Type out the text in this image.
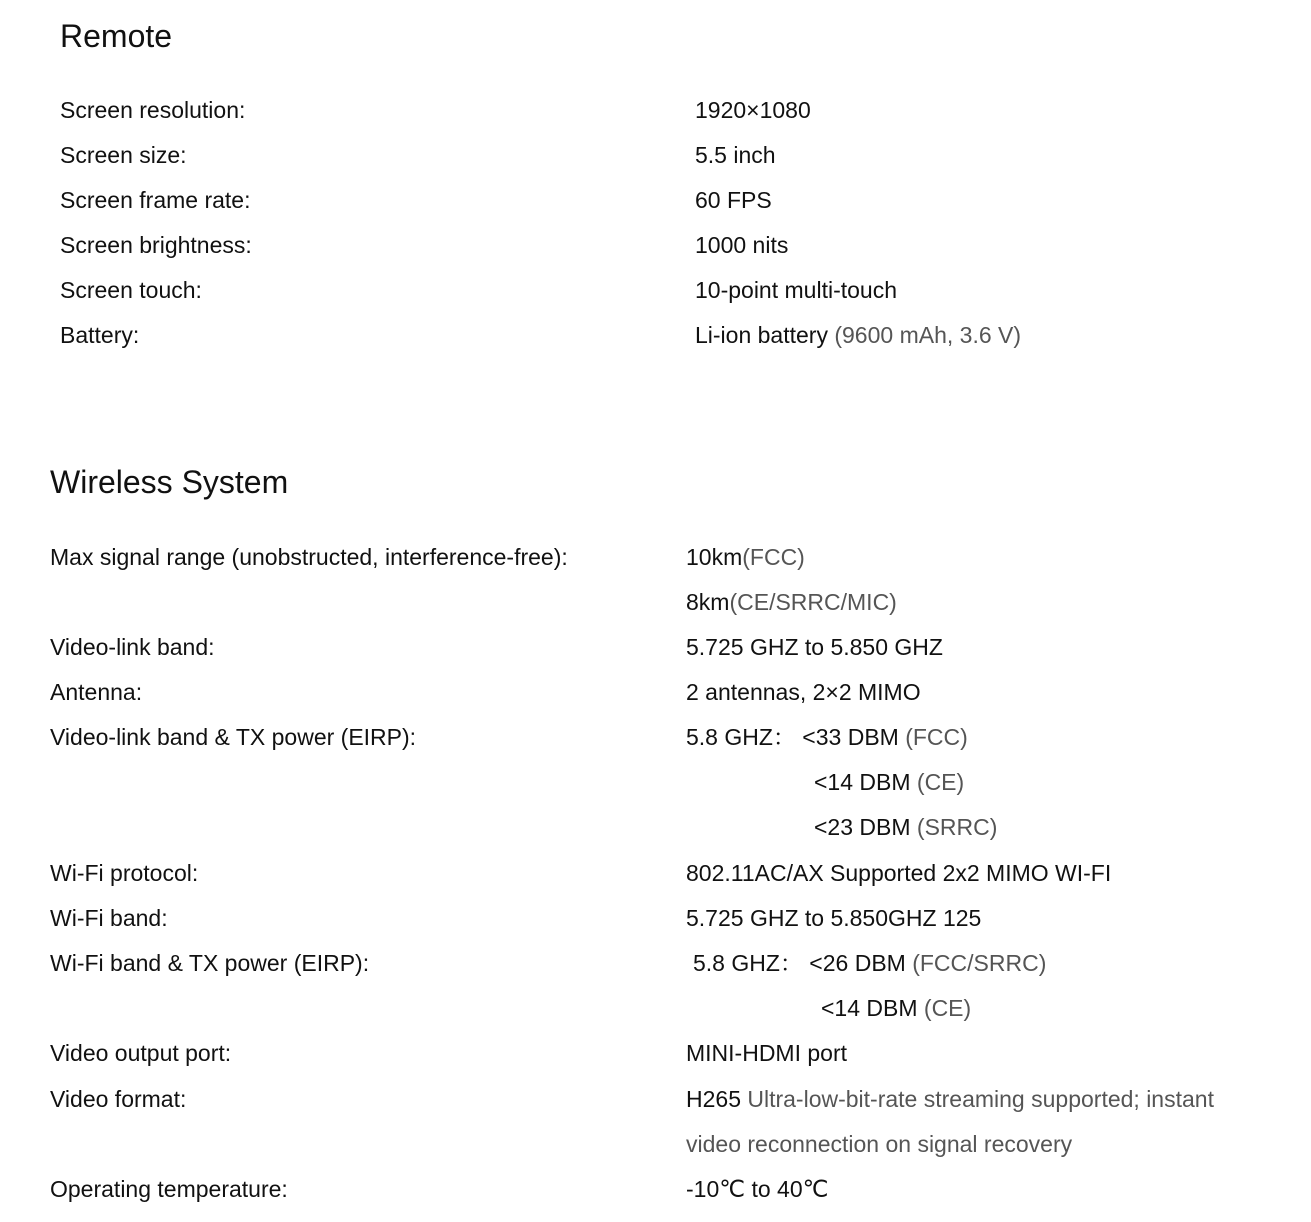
Remote
Screen resolution:	1920×1080
Screen size:	5.5 inch
Screen frame rate:	60 FPS
Screen brightness:	1000 nits
Screen touch:	10-point multi-touch
Battery:	Li-ion battery (9600 mAh, 3.6 V)
Wireless System
Max signal range (unobstructed, interference-free):	10km(FCC)
8km(CE/SRRC/MIC)
Video-link band:	5.725 GHZ to 5.850 GHZ
Antenna:	2 antennas, 2×2 MIMO
Video-link band & TX power (EIRP):	5.8 GHZ： <33 DBM (FCC)
<14 DBM (CE)
<23 DBM (SRRC)
Wi-Fi protocol:	802.11AC/AX Supported 2x2 MIMO WI-FI
Wi-Fi band:	5.725 GHZ to 5.850GHZ 125
Wi-Fi band & TX power (EIRP):	5.8 GHZ： <26 DBM (FCC/SRRC)
<14 DBM (CE)
Video output port:	MINI-HDMI port
Video format:	H265 Ultra-low-bit-rate streaming supported; instant
video reconnection on signal recovery
Operating temperature:	-10℃ to 40℃
